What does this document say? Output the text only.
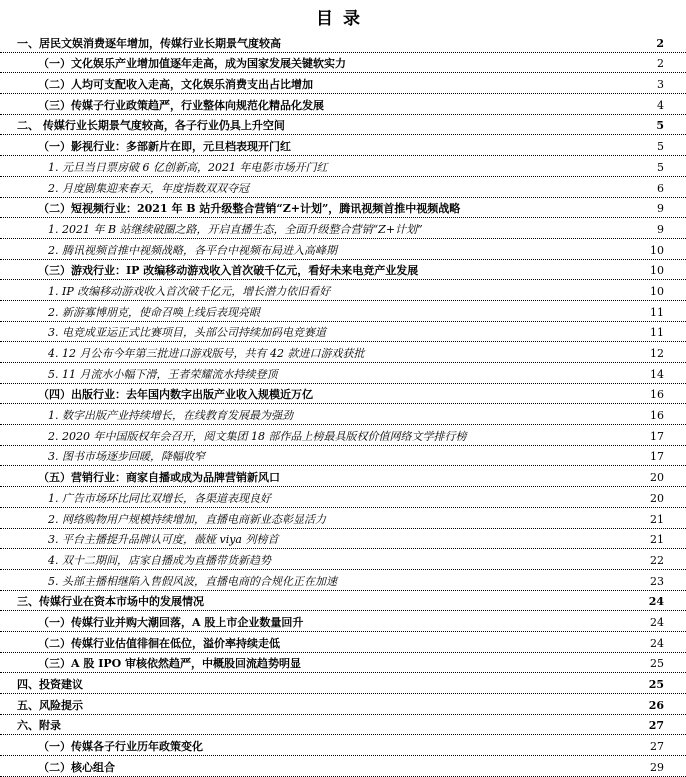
目录
一、居民文娱消费逐年增加，传媒行业长期景气度较高	2
（一）文化娱乐产业增加值逐年走高，成为国家发展关键软实力	2
（二）人均可支配收入走高，文化娱乐消费支出占比增加	3
（三）传媒子行业政策趋严，行业整体向规范化精品化发展	4
二、 传媒行业长期景气度较高，各子行业仍具上升空间	5
（一）影视行业：多部新片在即，元旦档表现开门红	5
1. 元旦当日票房破 6 亿创新高，2021 年电影市场开门红	5
2. 月度剧集迎来春天，年度指数双双夺冠	6
（二）短视频行业：2021 年 B 站升级整合营销“Z+计划”，腾讯视频首推中视频战略	9
1. 2021 年 B 站继续破圈之路，开启直播生态，全面升级整合营销“Z+计划”	9
2. 腾讯视频首推中视频战略，各平台中视频布局进入高峰期	10
（三）游戏行业：IP 改编移动游戏收入首次破千亿元，看好未来电竞产业发展	10
1. IP 改编移动游戏收入首次破千亿元，增长潜力依旧看好	10
2. 新游寡博朋克，使命召唤上线后表现亮眼	11
3. 电竞成亚运正式比赛项目，头部公司持续加码电竞赛道	11
4. 12 月公布今年第三批进口游戏版号，共有 42 款进口游戏获批	12
5. 11 月流水小幅下滑，王者荣耀流水持续登顶	14
（四）出版行业：去年国内数字出版产业收入规模近万亿	16
1. 数字出版产业持续增长，在线教育发展最为强劲	16
2. 2020 年中国版权年会召开，阅文集团 18 部作品上榜最具版权价值网络文学排行榜	17
3. 图书市场逐步回暖，降幅收窄	17
（五）营销行业：商家自播或成为品牌营销新风口	20
1. 广告市场环比同比双增长，各渠道表现良好	20
2. 网络购物用户规模持续增加，直播电商新业态彰显活力	21
3. 平台主播提升品牌认可度，薇娅 viya 列榜首	21
4. 双十二期间，店家自播成为直播带货新趋势	22
5. 头部主播相继陷入售假风波，直播电商的合规化正在加速	23
三、传媒行业在资本市场中的发展情况	24
（一）传媒行业并购大潮回落，A 股上市企业数量回升	24
（二）传媒行业估值徘徊在低位，溢价率持续走低	24
（三）A 股 IPO 审核依然趋严，中概股回流趋势明显	25
四、投资建议	25
五、风险提示	26
六、附录	27
（一）传媒各子行业历年政策变化	27
（二）核心组合	29
